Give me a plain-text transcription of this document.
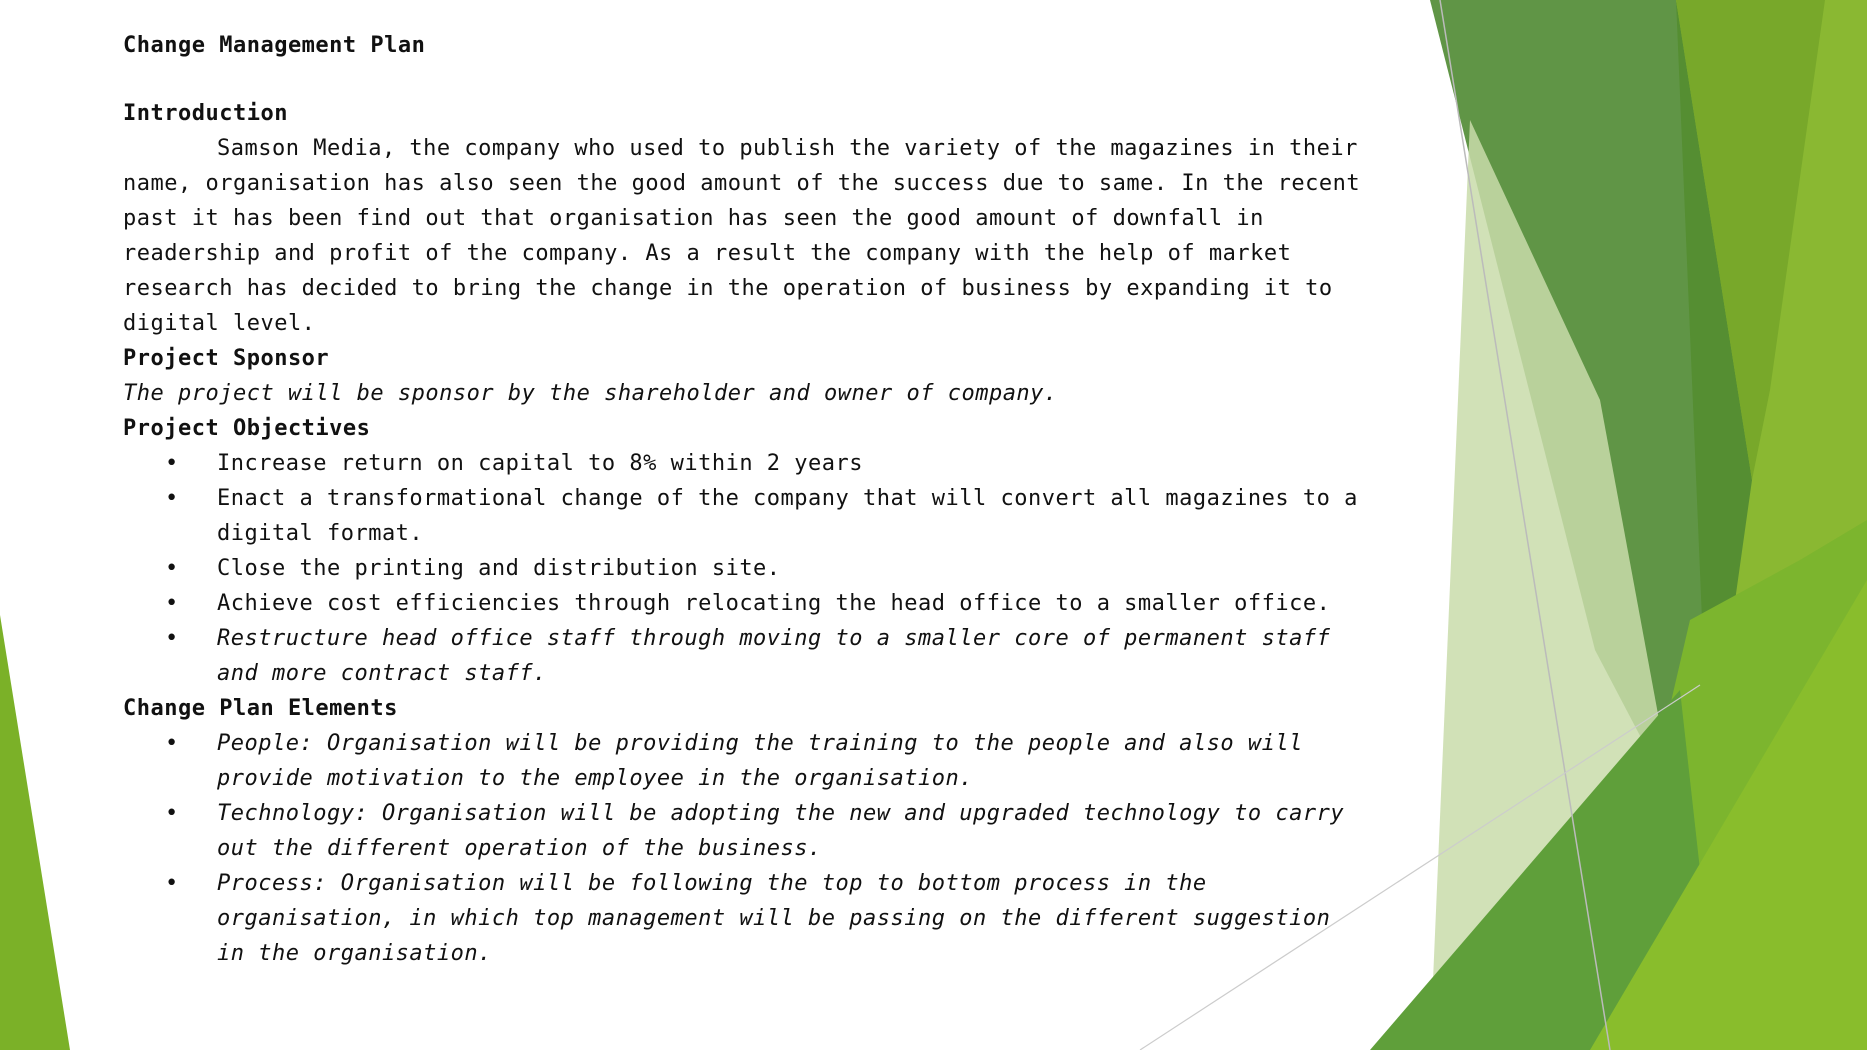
Change Management Plan
Introduction

Samson Media, the company who used to publish the variety of the magazines in their name, organisation has also seen the good amount of the success due to same. In the recent past it has been find out that organisation has seen the good amount of downfall in readership and profit of the company. As a result the company with the help of market research has decided to bring the change in the operation of business by expanding it to digital level.

Project Sponsor
The project will be sponsor by the shareholder and owner of company.
Project Objectives
• Increase return on capital to 8% within 2 years
• Enact a transformational change of the company that will convert all magazines to a digital format.
• Close the printing and distribution site.
• Achieve cost efficiencies through relocating the head office to a smaller office.
• Restructure head office staff through moving to a smaller core of permanent staff and more contract staff.
Change Plan Elements
• People: Organisation will be providing the training to the people and also will provide motivation to the employee in the organisation.
• Technology: Organisation will be adopting the new and upgraded technology to carry out the different operation of the business.
• Process: Organisation will be following the top to bottom process in the organisation, in which top management will be passing on the different suggestion in the organisation.
